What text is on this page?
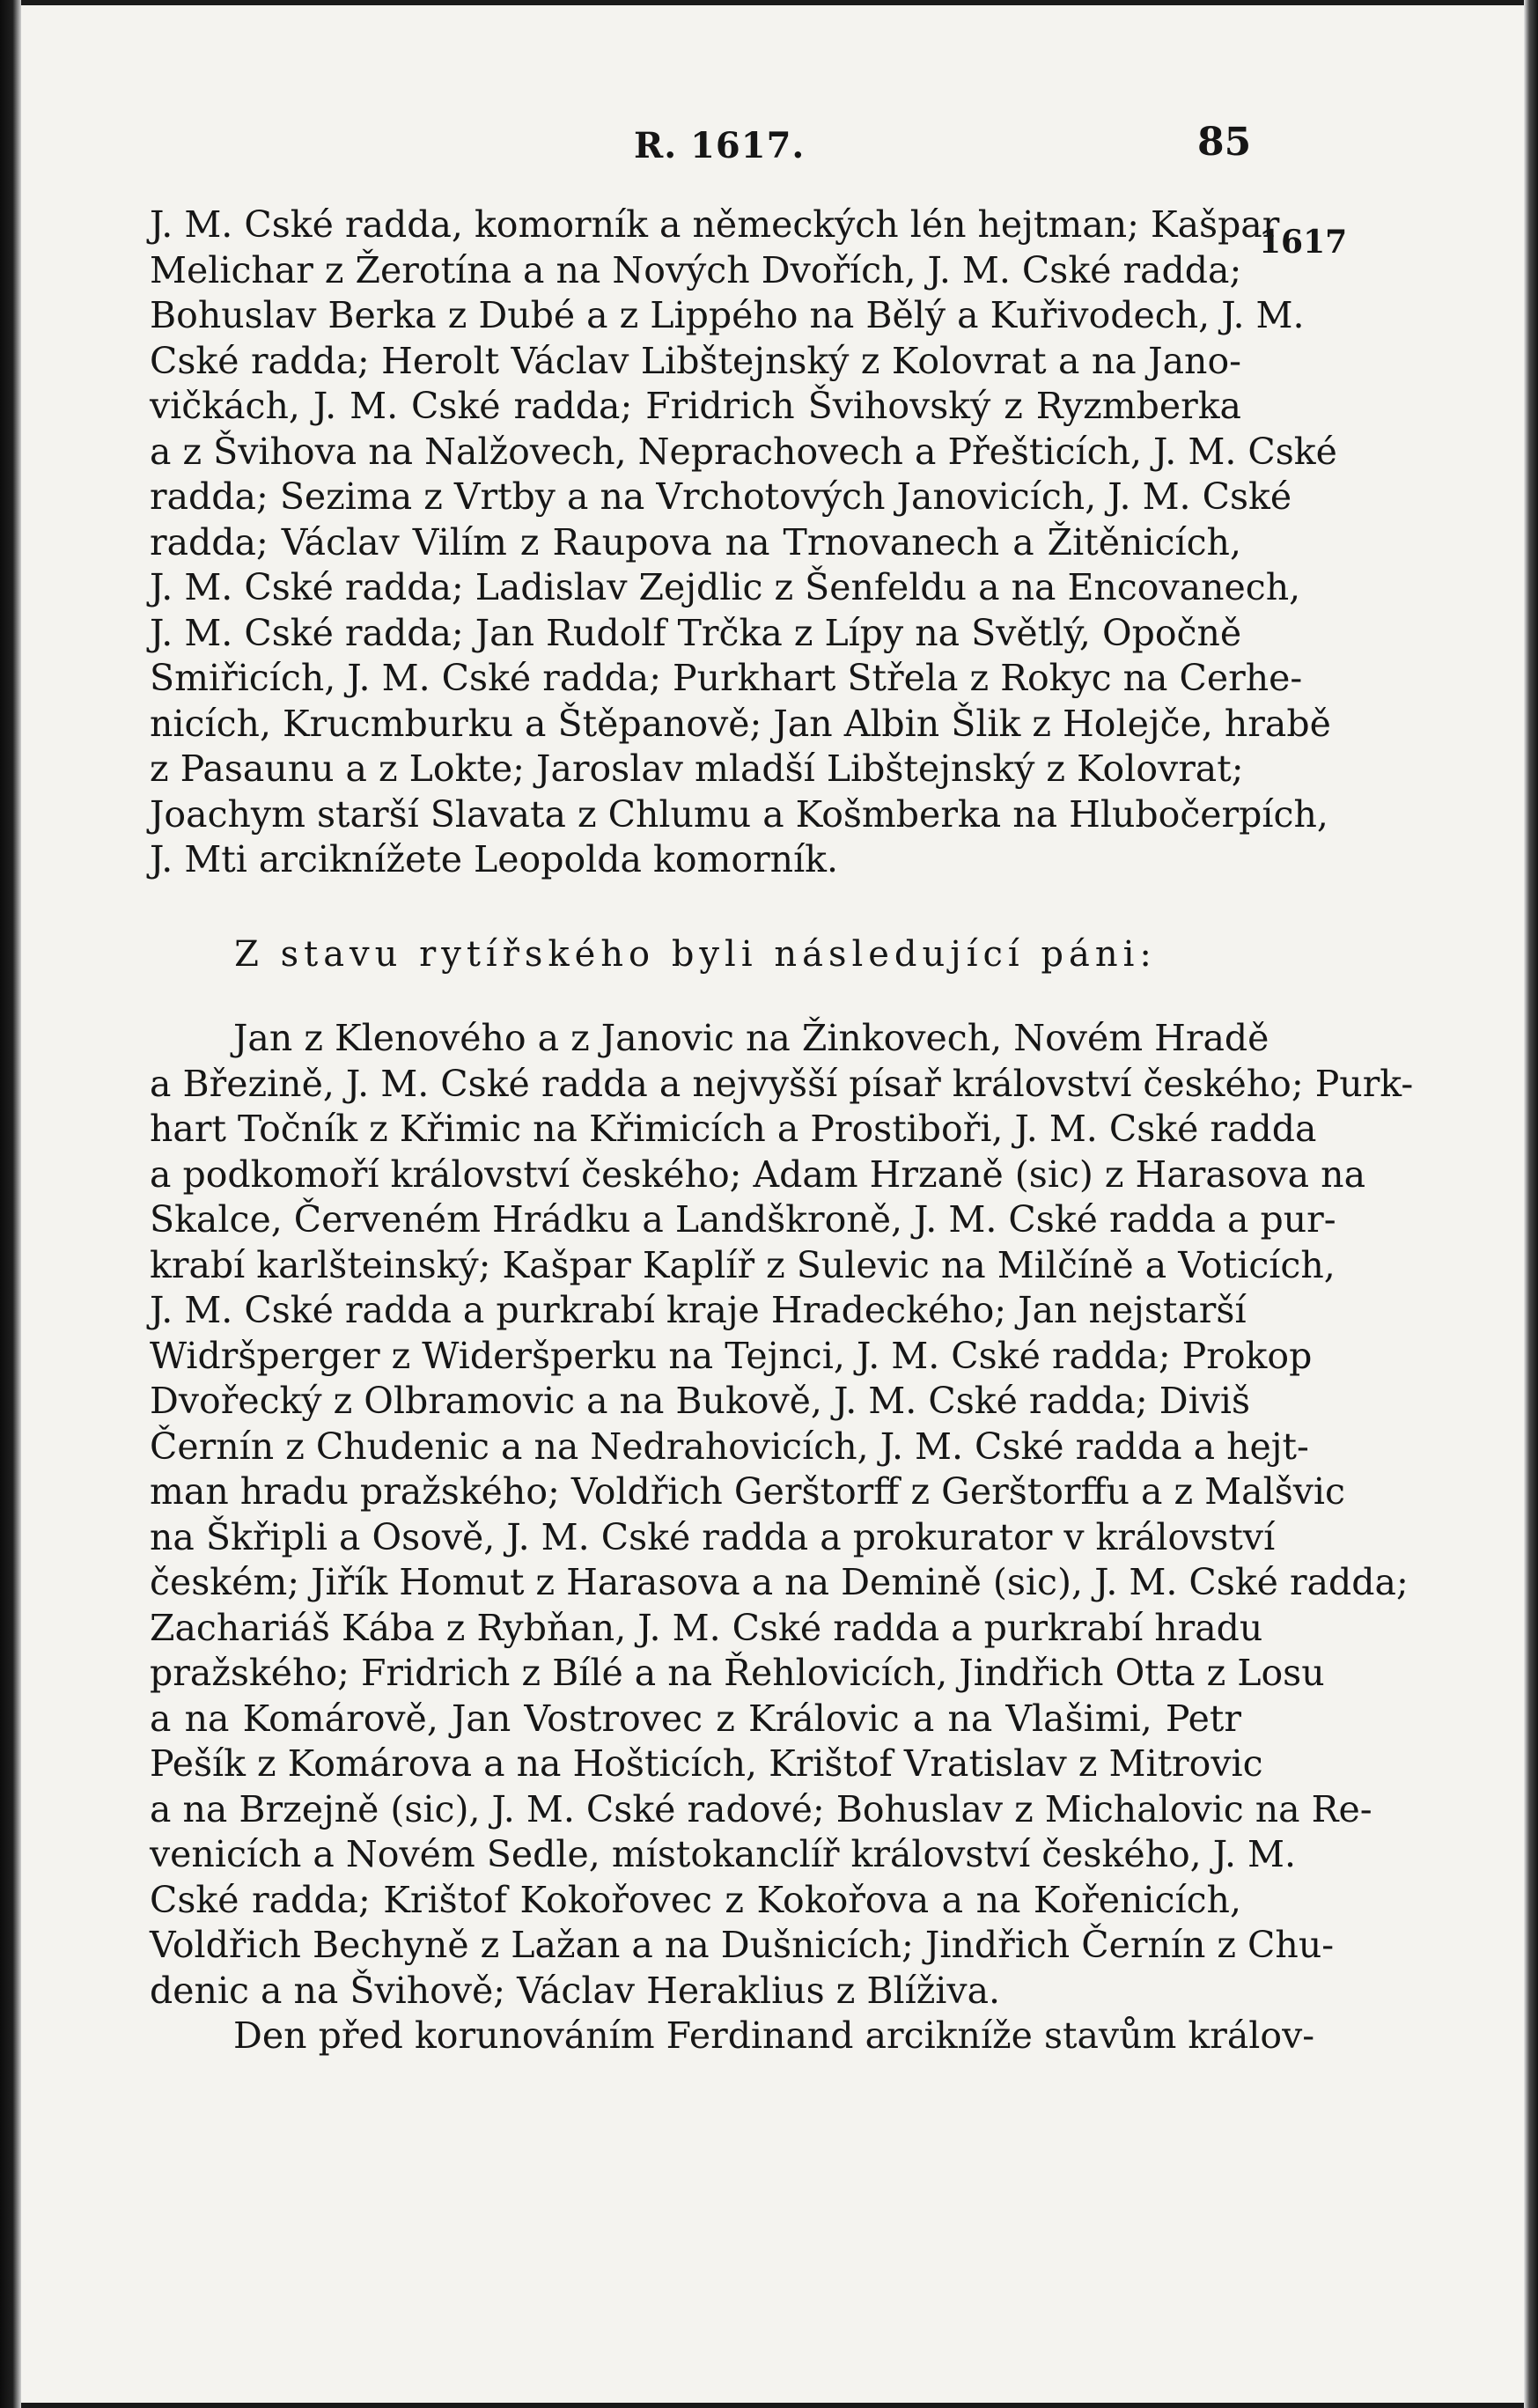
R. 1617.	85
1617
J. M. Cské radda, komorník a německých lén hejtman; Kašpar
Melichar z Žerotína a na Nových Dvořích, J. M. Cské radda;
Bohuslav Berka z Dubé a z Lippého na Bělý a Kuřivodech, J. M.
Cské radda; Herolt Václav Libštejnský z Kolovrat a na Jano-
vičkách, J. M. Cské radda; Fridrich Švihovský z Ryzmberka
a z Švihova na Nalžovech, Neprachovech a Přešticích, J. M. Cské
radda; Sezima z Vrtby a na Vrchotových Janovicích, J. M. Cské
radda; Václav Vilím z Raupova na Trnovanech a Žitěnicích,
J. M. Cské radda; Ladislav Zejdlic z Šenfeldu a na Encovanech,
J. M. Cské radda; Jan Rudolf Trčka z Lípy na Světlý, Opočně
Smiřicích, J. M. Cské radda; Purkhart Střela z Rokyc na Cerhe-
nicích, Krucmburku a Štěpanově; Jan Albin Šlik z Holejče, hrabě
z Pasaunu a z Lokte; Jaroslav mladší Libštejnský z Kolovrat;
Joachym starší Slavata z Chlumu a Košmberka na Hlubočerpích,
J. Mti arciknížete Leopolda komorník.
Z stavu rytířského byli následující páni:
Jan z Klenového a z Janovic na Žinkovech, Novém Hradě
a Březině, J. M. Cské radda a nejvyšší písař království českého; Purk-
hart Točník z Křimic na Křimicích a Prostiboři, J. M. Cské radda
a podkomoří království českého; Adam Hrzaně (sic) z Harasova na
Skalce, Červeném Hrádku a Landškroně, J. M. Cské radda a pur-
krabí karlšteinský; Kašpar Kaplíř z Sulevic na Milčíně a Voticích,
J. M. Cské radda a purkrabí kraje Hradeckého; Jan nejstarší
Widršperger z Wideršperku na Tejnci, J. M. Cské radda; Prokop
Dvořecký z Olbramovic a na Bukově, J. M. Cské radda; Diviš
Černín z Chudenic a na Nedrahovicích, J. M. Cské radda a hejt-
man hradu pražského; Voldřich Gerštorff z Gerštorffu a z Malšvic
na Škřipli a Osově, J. M. Cské radda a prokurator v království
českém; Jiřík Homut z Harasova a na Demině (sic), J. M. Cské radda;
Zachariáš Kába z Rybňan, J. M. Cské radda a purkrabí hradu
pražského; Fridrich z Bílé a na Řehlovicích, Jindřich Otta z Losu
a na Komárově, Jan Vostrovec z Královic a na Vlašimi, Petr
Pešík z Komárova a na Hošticích, Krištof Vratislav z Mitrovic
a na Brzejně (sic), J. M. Cské radové; Bohuslav z Michalovic na Re-
venicích a Novém Sedle, místokanclíř království českého, J. M.
Cské radda; Krištof Kokořovec z Kokořova a na Kořenicích,
Voldřich Bechyně z Lažan a na Dušnicích; Jindřich Černín z Chu-
denic a na Švihově; Václav Heraklius z Blíživa.
Den před korunováním Ferdinand arcikníže stavům králov-
